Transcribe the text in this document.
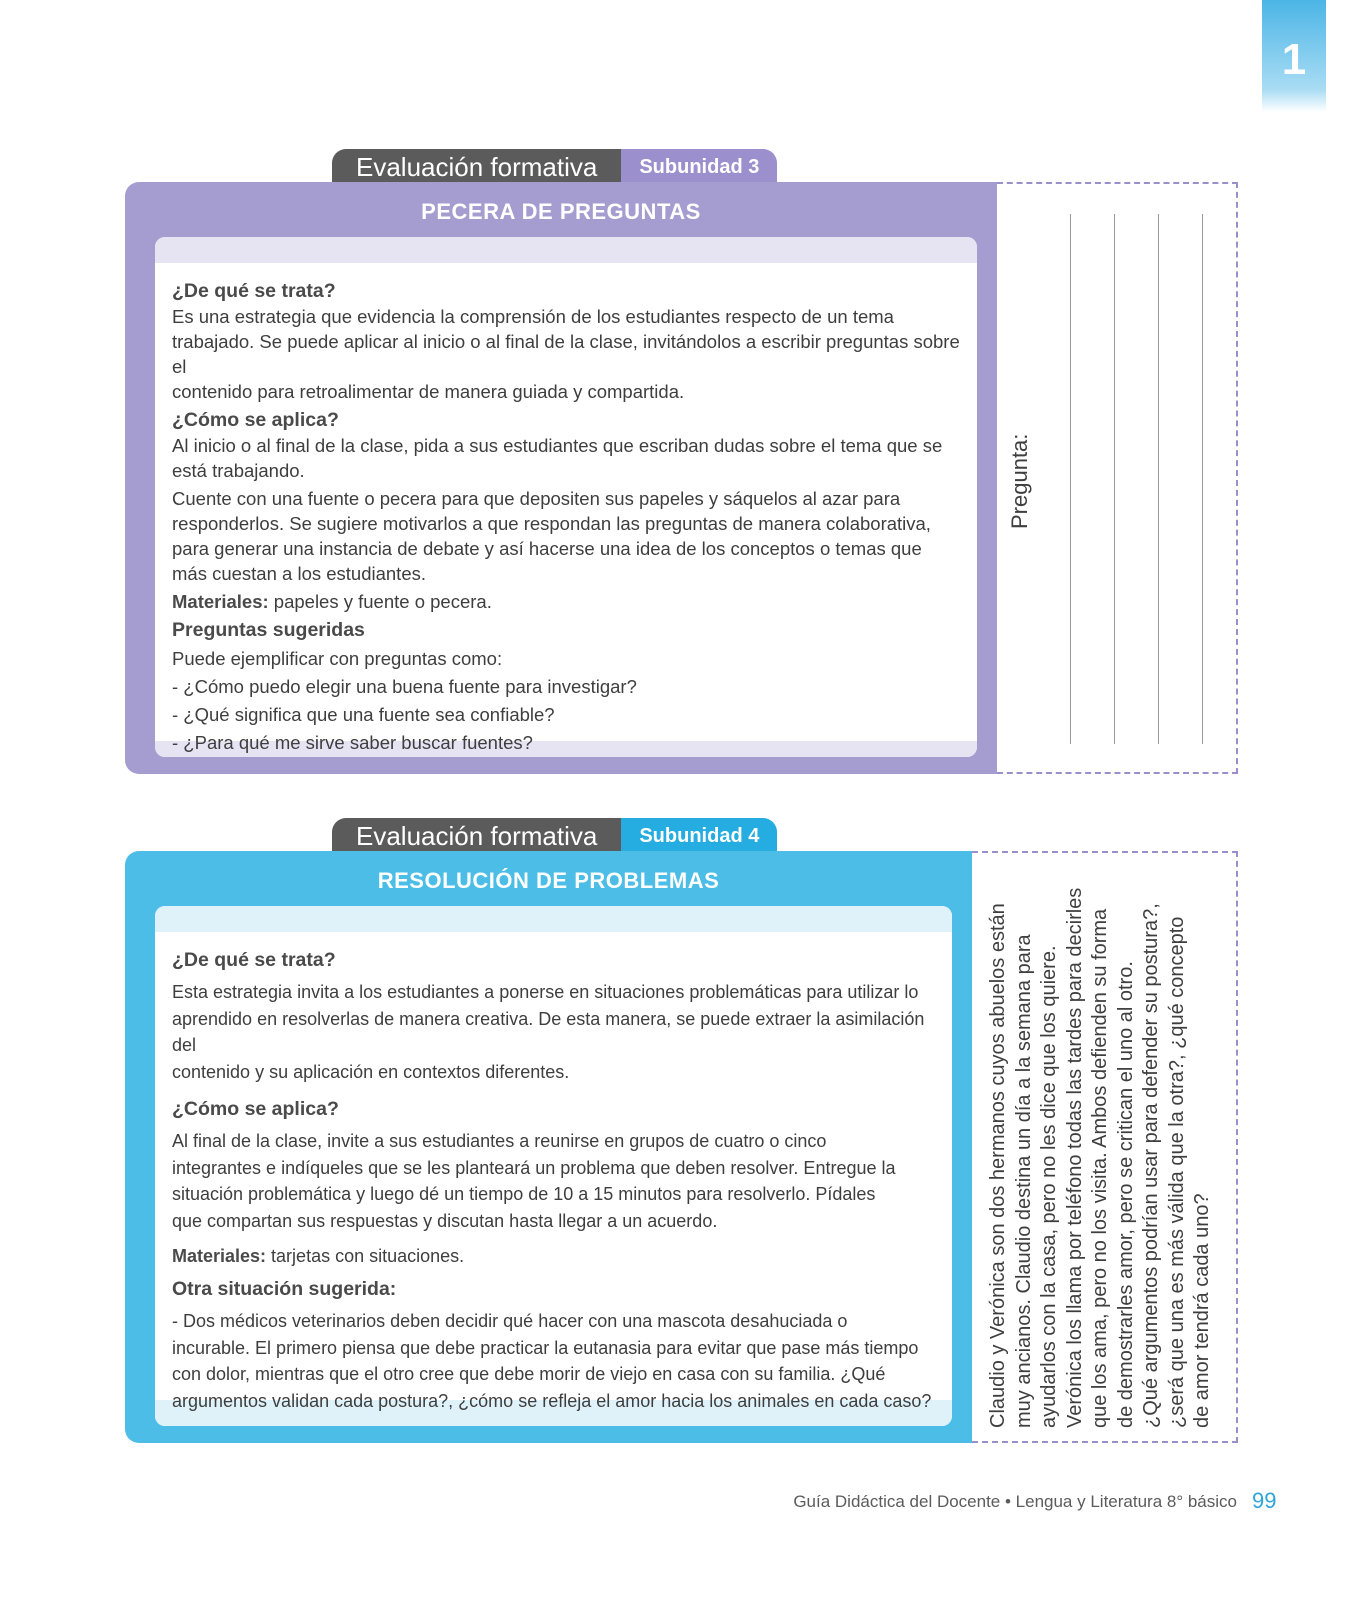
1
Evaluación formativa	Subunidad 3
PECERA DE PREGUNTAS

¿De qué se trata?

Es una estrategia que evidencia la comprensión de los estudiantes respecto de un tema

trabajado. Se puede aplicar al inicio o al final de la clase, invitándolos a escribir preguntas sobre el

contenido para retroalimentar de manera guiada y compartida.

¿Cómo se aplica?

Al inicio o al final de la clase, pida a sus estudiantes que escriban dudas sobre el tema que se

está trabajando.

Cuente con una fuente o pecera para que depositen sus papeles y sáquelos al azar para

responderlos. Se sugiere motivarlos a que respondan las preguntas de manera colaborativa,

para generar una instancia de debate y así hacerse una idea de los conceptos o temas que

más cuestan a los estudiantes.

Materiales: papeles y fuente o pecera.

Preguntas sugeridas

Puede ejemplificar con preguntas como:

- ¿Cómo puedo elegir una buena fuente para investigar?

- ¿Qué significa que una fuente sea confiable?

- ¿Para qué me sirve saber buscar fuentes?

Pregunta:
Evaluación formativa	Subunidad 4
RESOLUCIÓN DE PROBLEMAS

¿De qué se trata?

Esta estrategia invita a los estudiantes a ponerse en situaciones problemáticas para utilizar lo

aprendido en resolverlas de manera creativa. De esta manera, se puede extraer la asimilación del

contenido y su aplicación en contextos diferentes.

¿Cómo se aplica?

Al final de la clase, invite a sus estudiantes a reunirse en grupos de cuatro o cinco

integrantes e indíqueles que se les planteará un problema que deben resolver. Entregue la

situación problemática y luego dé un tiempo de 10 a 15 minutos para resolverlo. Pídales

que compartan sus respuestas y discutan hasta llegar a un acuerdo.

Materiales: tarjetas con situaciones.

Otra situación sugerida:

- Dos médicos veterinarios deben decidir qué hacer con una mascota desahuciada o

incurable. El primero piensa que debe practicar la eutanasia para evitar que pase más tiempo

con dolor, mientras que el otro cree que debe morir de viejo en casa con su familia. ¿Qué

argumentos validan cada postura?, ¿cómo se refleja el amor hacia los animales en cada caso?	Claudio y Verónica son dos hermanos cuyos abuelos están muy ancianos. Claudio destina un día a la semana para ayudarlos con la casa, pero no les dice que los quiere. Verónica los llama por teléfono todas las tardes para decirles que los ama, pero no los visita. Ambos defienden su forma de demostrarles amor, pero se critican el uno al otro. ¿Qué argumentos podrían usar para defender su postura?, ¿será que una es más válida que la otra?, ¿qué concepto de amor tendrá cada uno?
Guía Didáctica del Docente • Lengua y Literatura 8° básico 99
